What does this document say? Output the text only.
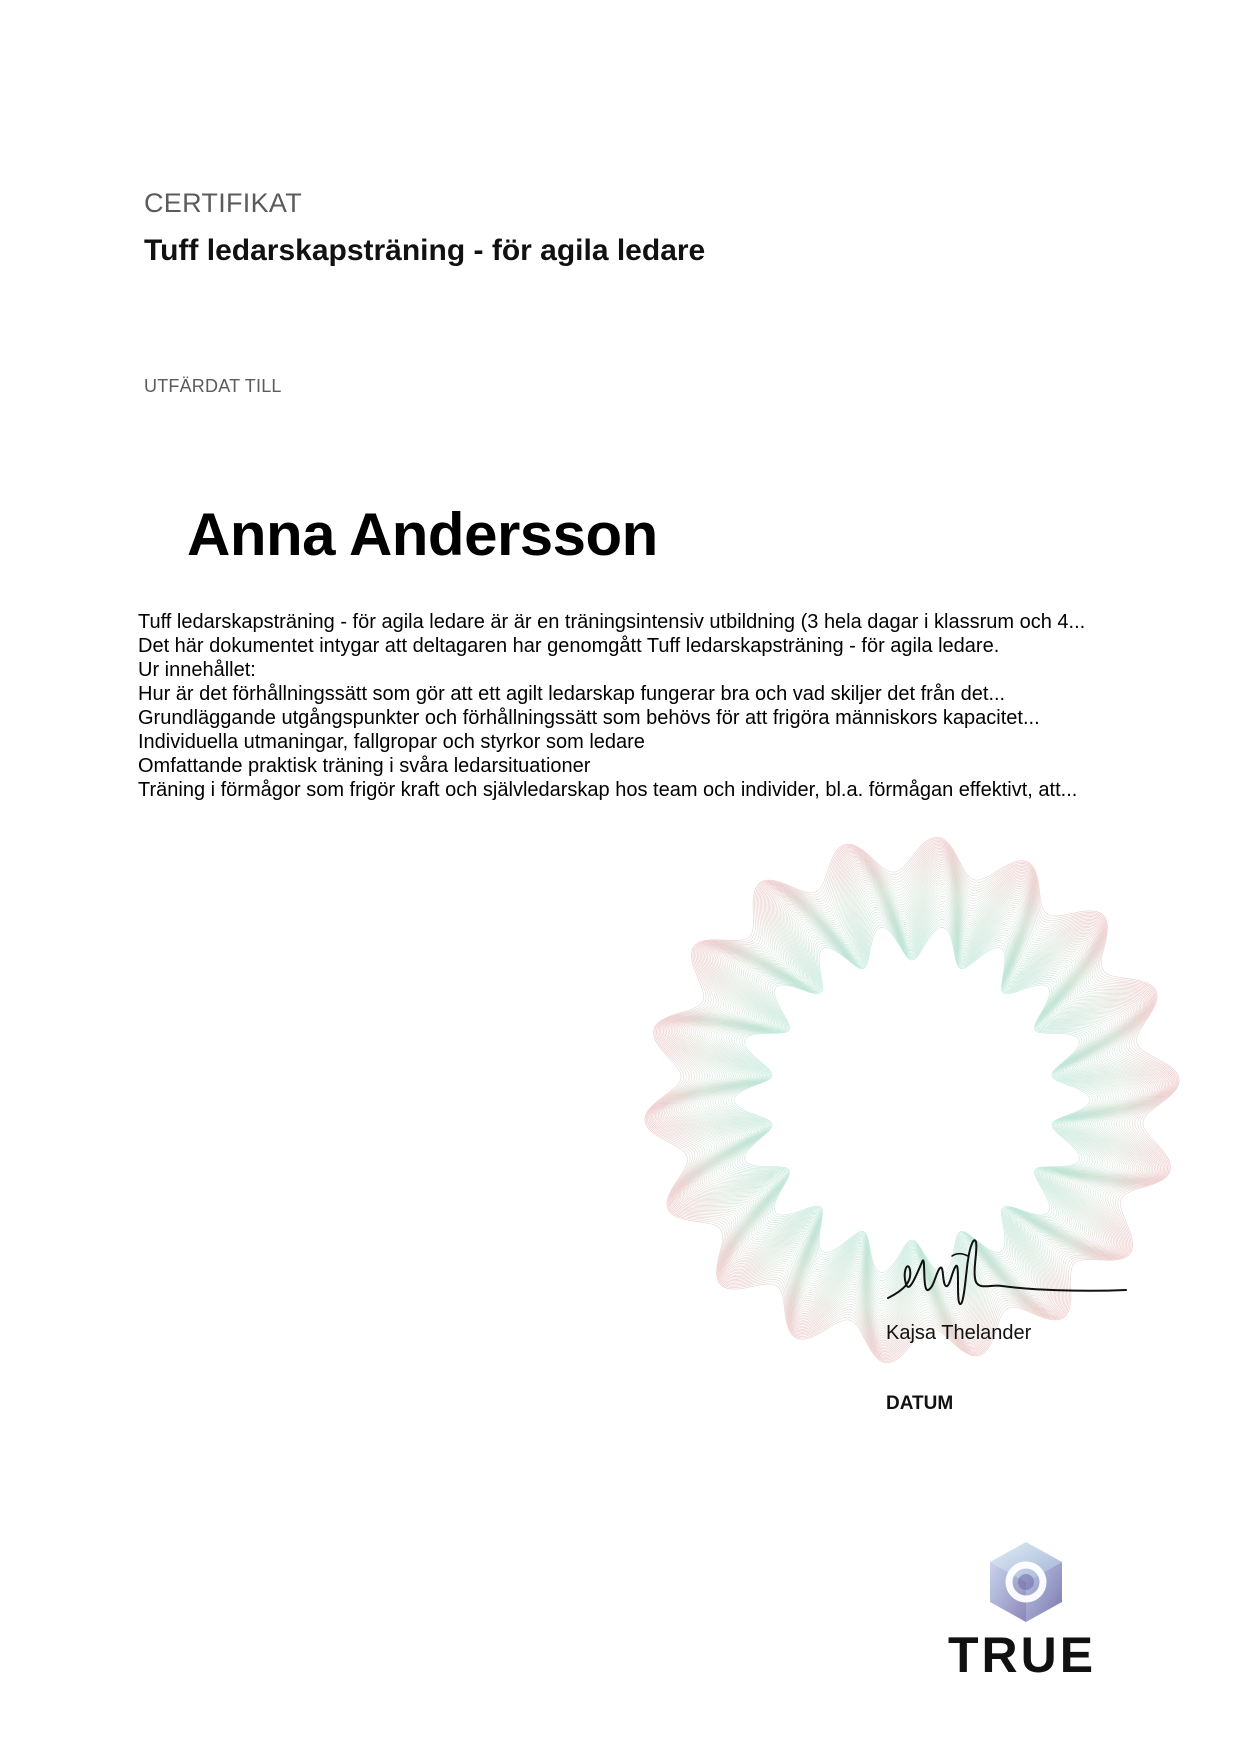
CERTIFIKAT
Tuff ledarskapsträning - för agila ledare
UTFÄRDAT TILL
Anna Andersson
Tuff ledarskapsträning - för agila ledare är är en träningsintensiv utbildning (3 hela dagar i klassrum och 4...
Det här dokumentet intygar att deltagaren har genomgått Tuff ledarskapsträning - för agila ledare.
Ur innehållet:
Hur är det förhållningssätt som gör att ett agilt ledarskap fungerar bra och vad skiljer det från det...
Grundläggande utgångspunkter och förhållningssätt som behövs för att frigöra människors kapacitet...
Individuella utmaningar, fallgropar och styrkor som ledare
Omfattande praktisk träning i svåra ledarsituationer
Träning i förmågor som frigör kraft och självledarskap hos team och individer, bl.a. förmågan effektivt, att...
Kajsa Thelander
DATUM
TRUE
